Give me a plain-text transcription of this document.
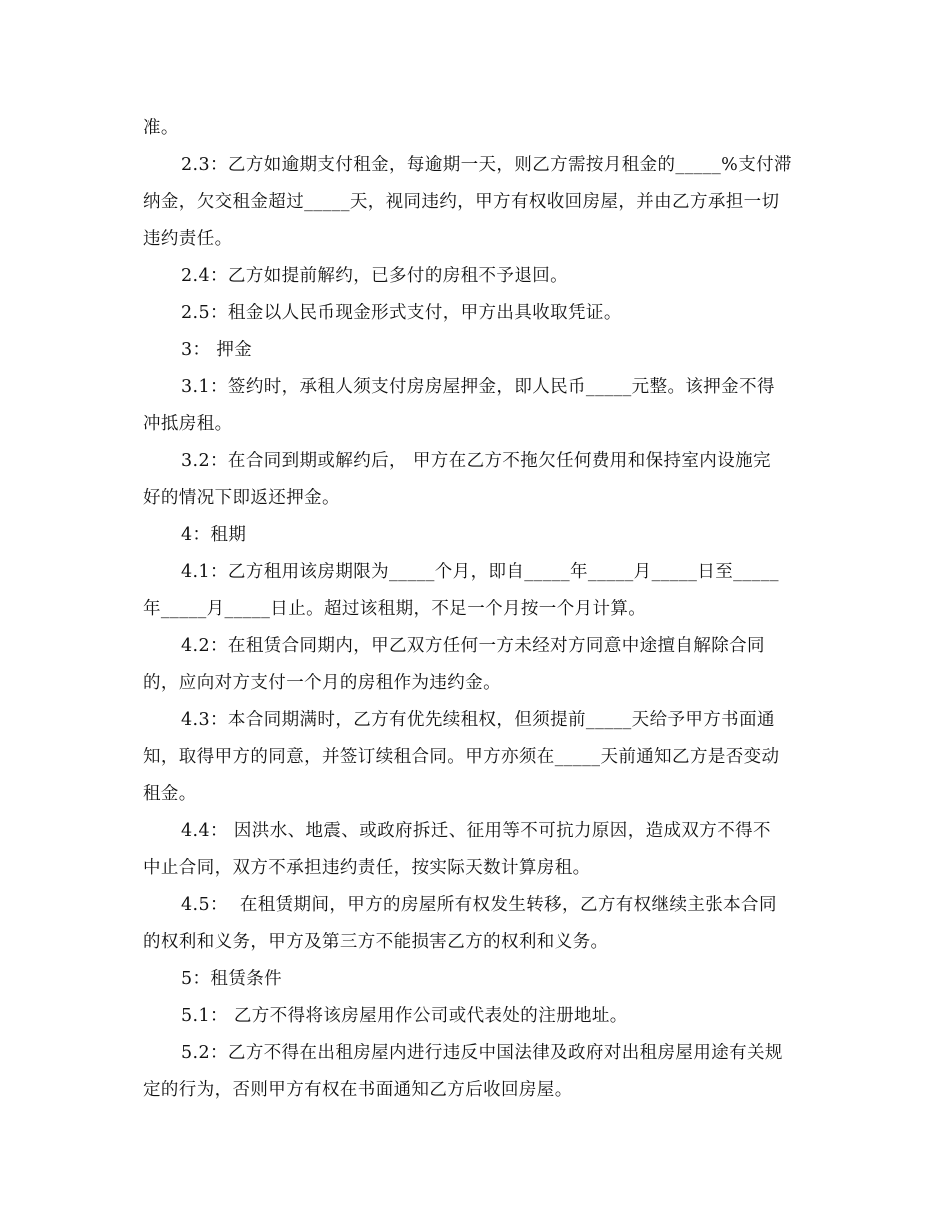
准。
2.3：乙方如逾期支付租金，每逾期一天，则乙方需按月租金的_____%支付滞
纳金，欠交租金超过_____天，视同违约，甲方有权收回房屋，并由乙方承担一切
违约责任。
2.4：乙方如提前解约，已多付的房租不予退回。
2.5：租金以人民币现金形式支付，甲方出具收取凭证。
3： 押金
3.1：签约时，承租人须支付房房屋押金，即人民币_____元整。该押金不得
冲抵房租。
3.2：在合同到期或解约后， 甲方在乙方不拖欠任何费用和保持室内设施完
好的情况下即返还押金。
4：租期
4.1：乙方租用该房期限为_____个月，即自_____年_____月_____日至_____
年_____月_____日止。超过该租期，不足一个月按一个月计算。
4.2：在租赁合同期内，甲乙双方任何一方未经对方同意中途擅自解除合同
的，应向对方支付一个月的房租作为违约金。
4.3：本合同期满时，乙方有优先续租权，但须提前_____天给予甲方书面通
知，取得甲方的同意，并签订续租合同。甲方亦须在_____天前通知乙方是否变动
租金。
4.4： 因洪水、地震、或政府拆迁、征用等不可抗力原因，造成双方不得不
中止合同，双方不承担违约责任，按实际天数计算房租。
4.5：  在租赁期间，甲方的房屋所有权发生转移，乙方有权继续主张本合同
的权利和义务，甲方及第三方不能损害乙方的权利和义务。
5：租赁条件
5.1： 乙方不得将该房屋用作公司或代表处的注册地址。
5.2：乙方不得在出租房屋内进行违反中国法律及政府对出租房屋用途有关规
定的行为，否则甲方有权在书面通知乙方后收回房屋。
